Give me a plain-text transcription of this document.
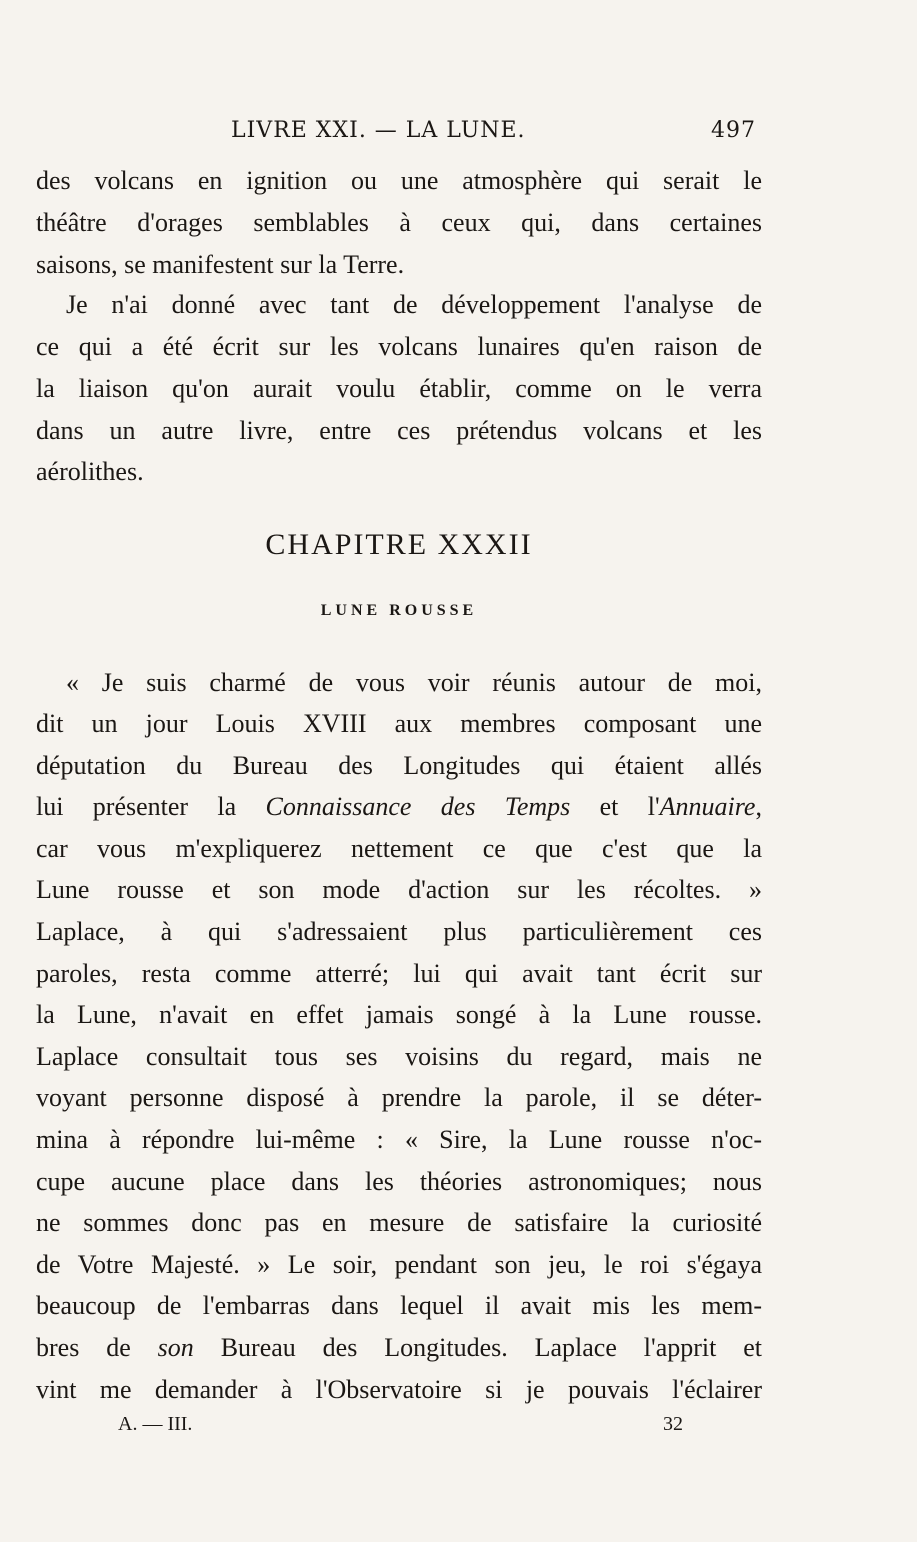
LIVRE XXI. — LA LUNE.	497
des volcans en ignition ou une atmosphère qui serait le
théâtre d'orages semblables à ceux qui, dans certaines
saisons, se manifestent sur la Terre.
Je n'ai donné avec tant de développement l'analyse de
ce qui a été écrit sur les volcans lunaires qu'en raison de
la liaison qu'on aurait voulu établir, comme on le verra
dans un autre livre, entre ces prétendus volcans et les
aérolithes.
CHAPITRE XXXII
LUNE ROUSSE
« Je suis charmé de vous voir réunis autour de moi,
dit un jour Louis XVIII aux membres composant une
députation du Bureau des Longitudes qui étaient allés
lui présenter la Connaissance des Temps et l'Annuaire,
car vous m'expliquerez nettement ce que c'est que la
Lune rousse et son mode d'action sur les récoltes. »
Laplace, à qui s'adressaient plus particulièrement ces
paroles, resta comme atterré; lui qui avait tant écrit sur
la Lune, n'avait en effet jamais songé à la Lune rousse.
Laplace consultait tous ses voisins du regard, mais ne
voyant personne disposé à prendre la parole, il se déter-
mina à répondre lui-même : « Sire, la Lune rousse n'oc-
cupe aucune place dans les théories astronomiques; nous
ne sommes donc pas en mesure de satisfaire la curiosité
de Votre Majesté. » Le soir, pendant son jeu, le roi s'égaya
beaucoup de l'embarras dans lequel il avait mis les mem-
bres de son Bureau des Longitudes. Laplace l'apprit et
vint me demander à l'Observatoire si je pouvais l'éclairer
A. — III.	32
